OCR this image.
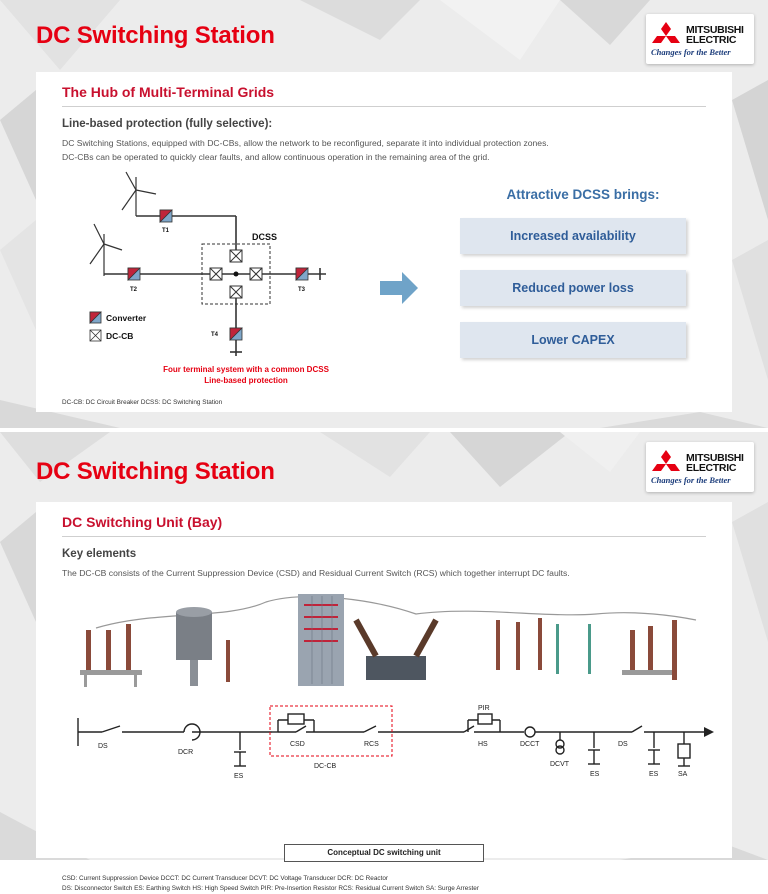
DC Switching Station	MITSUBISHI
ELECTRIC
Changes for the Better
The Hub of Multi-Terminal Grids
Line-based protection (fully selective):
DC Switching Stations, equipped with DC-CBs, allow the network to be reconfigured, separate it into individual protection zones.
DC-CBs can be operated to quickly clear faults, and allow continuous operation in the remaining area of the grid.
DCSS
T1
T2	T3
T4
Converter
DC-CB
Four terminal system with a common DCSS
Line-based protection
Attractive DCSS brings:
Increased availability
Reduced power loss
Lower CAPEX
DC-CB: DC Circuit Breaker DCSS: DC Switching Station
DC Switching Station	MITSUBISHI
ELECTRIC
Changes for the Better
DC Switching Unit (Bay)
Key elements
The DC-CB consists of the Current Suppression Device (CSD) and Residual Current Switch (RCS) which together interrupt DC faults.
DS
DCR
ES
CSD	RCS
DC-CB
PIR
HS	DCCT
DCVT
ES
DS
ES	SA
Conceptual DC switching unit
CSD: Current Suppression Device DCCT: DC Current Transducer DCVT: DC Voltage Transducer DCR: DC Reactor
DS: Disconnector Switch ES: Earthing Switch HS: High Speed Switch PIR: Pre-Insertion Resistor RCS: Residual Current Switch SA: Surge Arrester
